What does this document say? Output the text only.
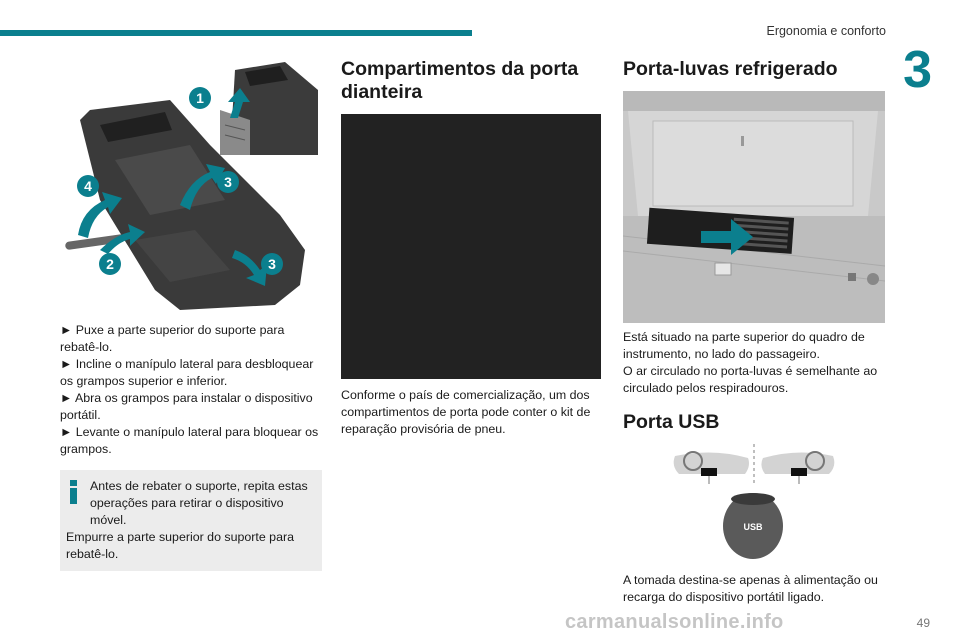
Ergonomia e conforto
3
1
2
3
3
4

► Puxe a parte superior do suporte para rebatê-lo.

► Incline o manípulo lateral para desbloquear os grampos superior e inferior.

► Abra os grampos para instalar o dispositivo portátil.

► Levante o manípulo lateral para bloquear os grampos.

Antes de rebater o suporte, repita estas operações para retirar o dispositivo móvel.

Empurre a parte superior do suporte para rebatê-lo.

Compartimentos da porta dianteira

Conforme o país de comercialização, um dos compartimentos de porta pode conter o kit de reparação provisória de pneu.

Porta-luvas refrigerado

Está situado na parte superior do quadro de instrumento, no lado do passageiro.

O ar circulado no porta-luvas é semelhante ao circulado pelos respiradouros.

Porta USB
USB

A tomada destina-se apenas à alimentação ou recarga do dispositivo portátil ligado.

carmanualsonline.info	49
